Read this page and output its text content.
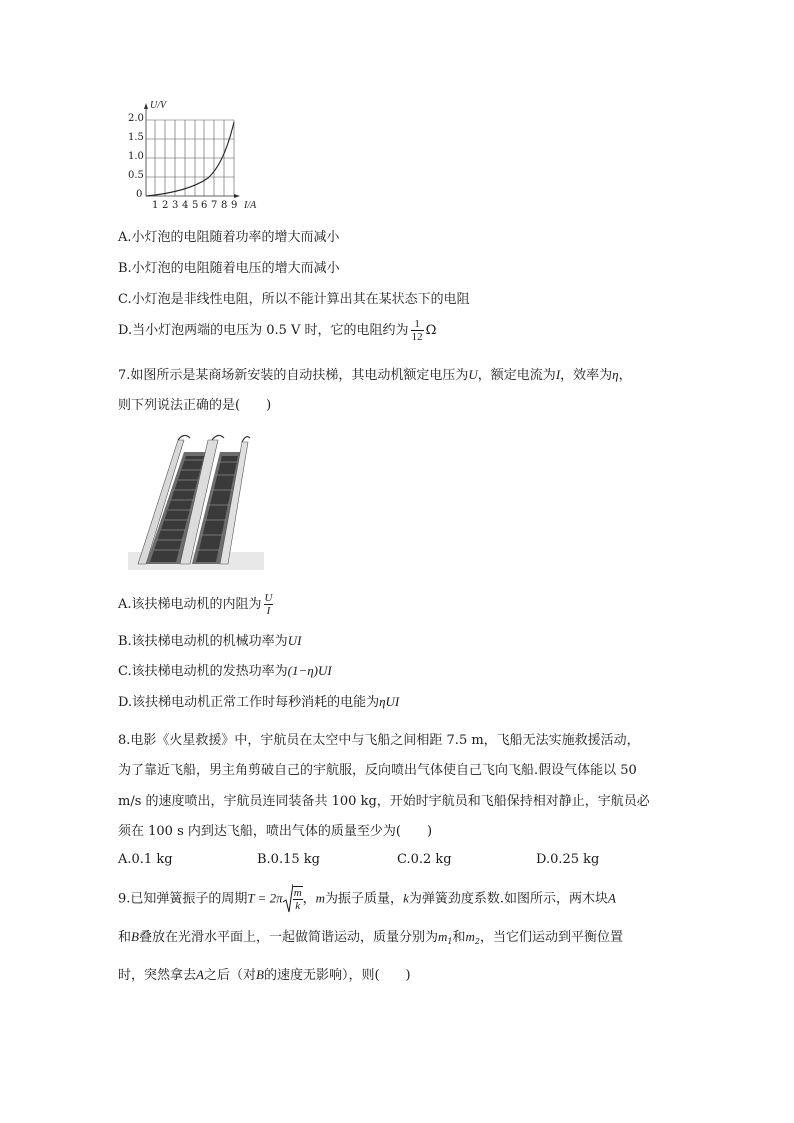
U/V
I/A
2.0
1.5
1.0
0.5
0
1 2 3 4 5 6 7 8 9
A.小灯泡的电阻随着功率的增大而减小
B.小灯泡的电阻随着电压的增大而减小
C.小灯泡是非线性电阻，所以不能计算出其在某状态下的电阻
D.当小灯泡两端的电压为 0.5 V 时，它的电阻约为 $\frac{1}{12}$ Ω
7.如图所示是某商场新安装的自动扶梯，其电动机额定电压为U，额定电流为I，效率为η，
则下列说法正确的是(　　)
A.该扶梯电动机的内阻为 $\frac{U}{I}$
B.该扶梯电动机的机械功率为UI
C.该扶梯电动机的发热功率为(1−η)UI
D.该扶梯电动机正常工作时每秒消耗的电能为ηUI
8.电影《火星救援》中，宇航员在太空中与飞船之间相距 7.5 m，飞船无法实施救援活动，
为了靠近飞船，男主角剪破自己的宇航服，反向喷出气体使自己飞向飞船.假设气体能以 50
m/s 的速度喷出，宇航员连同装备共 100 kg，开始时宇航员和飞船保持相对静止，宇航员必
须在 100 s 内到达飞船，喷出气体的质量至少为(　　)
A.0.1 kg	B.0.15 kg	C.0.2 kg	D.0.25 kg
9.已知弹簧振子的周期$T = 2\pi \frac{m}{k}$ ，m为振子质量，k为弹簧劲度系数.如图所示，两木块A
和B叠放在光滑水平面上，一起做简谐运动，质量分别为$m_1$和$m_2$，当它们运动到平衡位置
时，突然拿去A之后（对B的速度无影响），则(　　)
